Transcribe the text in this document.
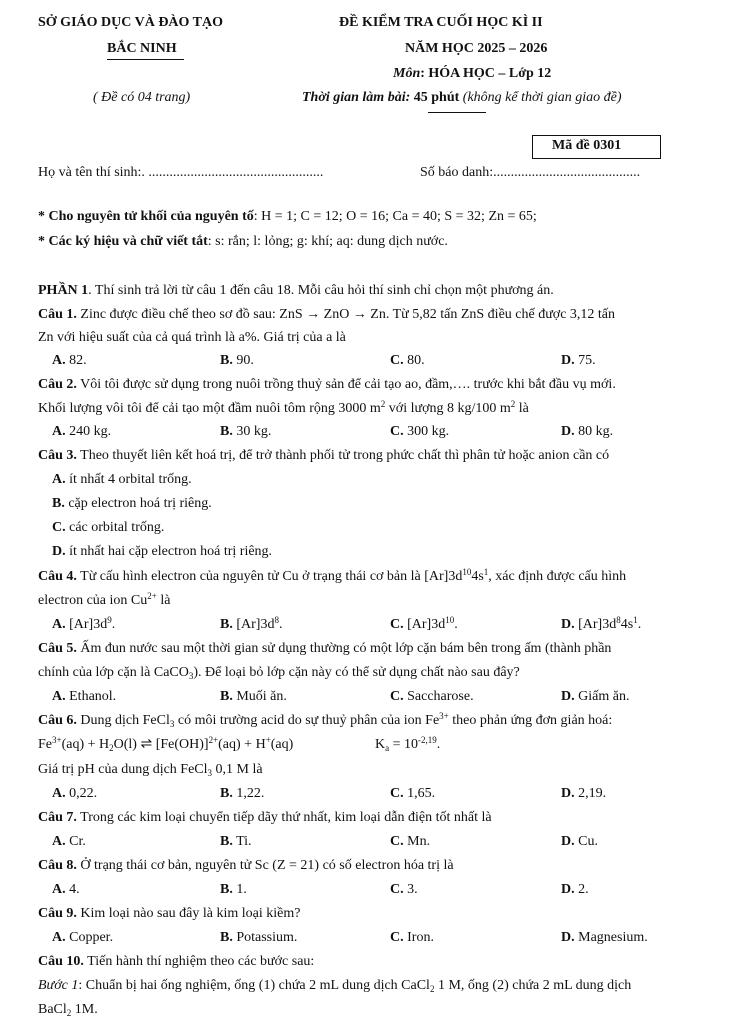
SỞ GIÁO DỤC VÀ ĐÀO TẠO
BẮC NINH
( Đề có 04 trang)
ĐỀ KIỂM TRA CUỐI HỌC KÌ II
NĂM HỌC 2025 – 2026
Môn: HÓA HỌC – Lớp 12
Thời gian làm bài: 45 phút (không kể thời gian giao đề)
Mã đề 0301
Họ và tên thí sinh:. ..................................................	Số báo danh:..........................................
* Cho nguyên tử khối của nguyên tố: H = 1; C = 12; O = 16; Ca = 40; S = 32; Zn = 65;
* Các ký hiệu và chữ viết tắt: s: rắn; l: lỏng; g: khí; aq: dung dịch nước.
PHẦN 1. Thí sinh trả lời từ câu 1 đến câu 18. Mỗi câu hỏi thí sinh chỉ chọn một phương án.
Câu 1. Zinc được điều chế theo sơ đồ sau: ZnS → ZnO → Zn. Từ 5,82 tấn ZnS điều chế được 3,12 tấn
Zn với hiệu suất của cả quá trình là a%. Giá trị của a là
A. 82.	B. 90.	C. 80.	D. 75.
Câu 2. Vôi tôi được sử dụng trong nuôi trồng thuỷ sản để cải tạo ao, đầm,…. trước khi bắt đầu vụ mới.
Khối lượng vôi tôi để cải tạo một đầm nuôi tôm rộng 3000 $m^2$ với lượng 8 kg/100 $m^2$ là
A. 240 kg.	B. 30 kg.	C. 300 kg.	D. 80 kg.
Câu 3. Theo thuyết liên kết hoá trị, để trở thành phối tử trong phức chất thì phân tử hoặc anion cần có
A. ít nhất 4 orbital trống.
B. cặp electron hoá trị riêng.
C. các orbital trống.
D. ít nhất hai cặp electron hoá trị riêng.
Câu 4. Từ cấu hình electron của nguyên tử Cu ở trạng thái cơ bản là $[Ar]3d^{10}4s^1$, xác định được cấu hình
electron của ion $Cu^{2+}$ là
A. $[Ar]3d^9$.	B. $[Ar]3d^8$.	C. $[Ar]3d^{10}$.	D. $[Ar]3d^84s^1$.
Câu 5. Ấm đun nước sau một thời gian sử dụng thường có một lớp cặn bám bên trong ấm (thành phần
chính của lớp cặn là CaCO$_3$). Để loại bỏ lớp cặn này có thể sử dụng chất nào sau đây?
A. Ethanol.	B. Muối ăn.	C. Saccharose.	D. Giấm ăn.
Câu 6. Dung dịch FeCl$_3$ có môi trường acid do sự thuỷ phân của ion $Fe^{3+}$ theo phản ứng đơn giản hoá:
$Fe^{3+}(aq) + H_2O(l)$ ⇌ $[Fe(OH)]^{2+}(aq) + H^+(aq)$	$K_a = 10^{-2,19}$.
Giá trị pH của dung dịch FeCl$_3$ 0,1 M là
A. 0,22.	B. 1,22.	C. 1,65.	D. 2,19.
Câu 7. Trong các kim loại chuyển tiếp dãy thứ nhất, kim loại dẫn điện tốt nhất là
A. Cr.	B. Ti.	C. Mn.	D. Cu.
Câu 8. Ở trạng thái cơ bản, nguyên tử Sc (Z = 21) có số electron hóa trị là
A. 4.	B. 1.	C. 3.	D. 2.
Câu 9. Kim loại nào sau đây là kim loại kiềm?
A. Copper.	B. Potassium.	C. Iron.	D. Magnesium.
Câu 10. Tiến hành thí nghiệm theo các bước sau:
Bước 1: Chuẩn bị hai ống nghiệm, ống (1) chứa 2 mL dung dịch CaCl$_2$ 1 M, ống (2) chứa 2 mL dung dịch
BaCl$_2$ 1M.
